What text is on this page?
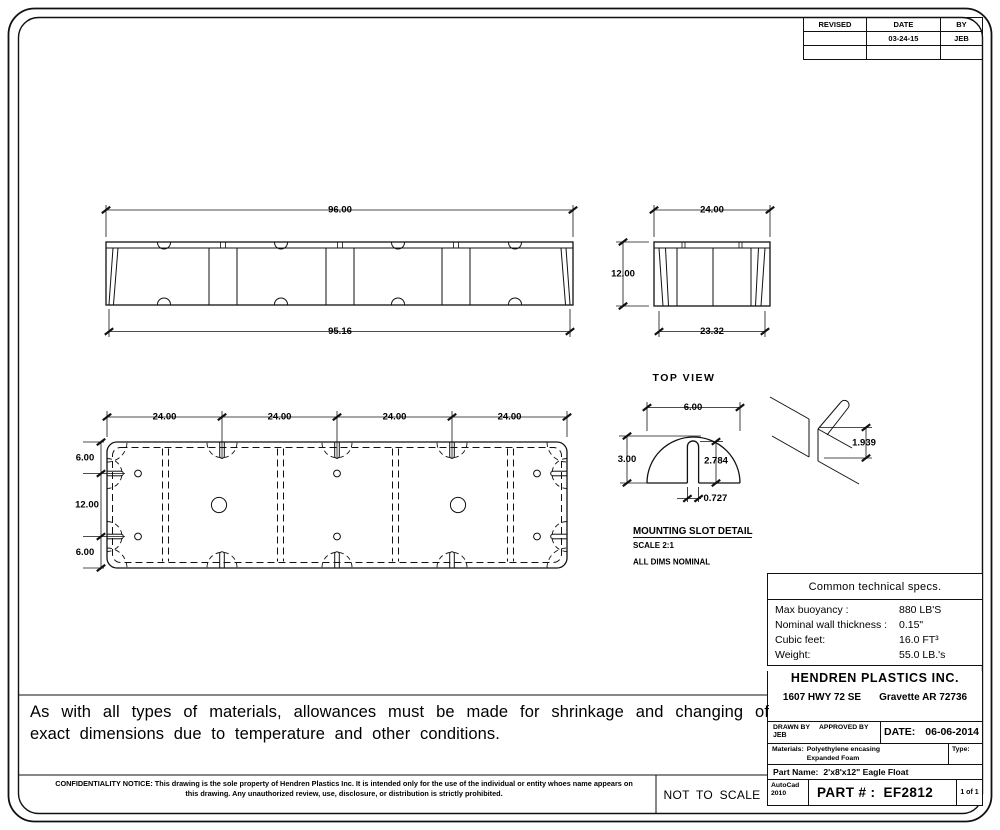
96.00
95.16
24.00
12.00
23.32
TOP VIEW
24.00	24.00	24.00	24.00
6.00
12.00
6.00
6.00
3.00	2.784
0.727
MOUNTING SLOT DETAIL
SCALE 2:1
ALL DIMS NOMINAL
1.939
REVISED	DATE	BY
	03-24-15	JEB

Common technical specs.
Max buoyancy :	880 LB'S
Nominal wall thickness :	0.15"
Cubic feet:	16.0 FT³
Weight:	55.0 LB.'s
HENDREN PLASTICS INC.
1607 HWY 72 SE Gravette AR 72736
DRAWN BY APPROVED BY
JEB	DATE: 06-06-2014
Materials: Polyethylene encasing Expanded Foam
Type:
Part Name: 2'x8'x12" Eagle Float
AutoCad
2010	PART # : EF2812	1 of 1
As with all types of materials, allowances must be made for shrinkage and changing of exact dimensions due to temperature and other conditions.
CONFIDENTIALITY NOTICE: This drawing is the sole property of Hendren Plastics Inc. It is intended only for the use of the individual or entity whoes name appears on this drawing. Any unauthorized review, use, disclosure, or distribution is strictly prohibited.	NOT TO SCALE
